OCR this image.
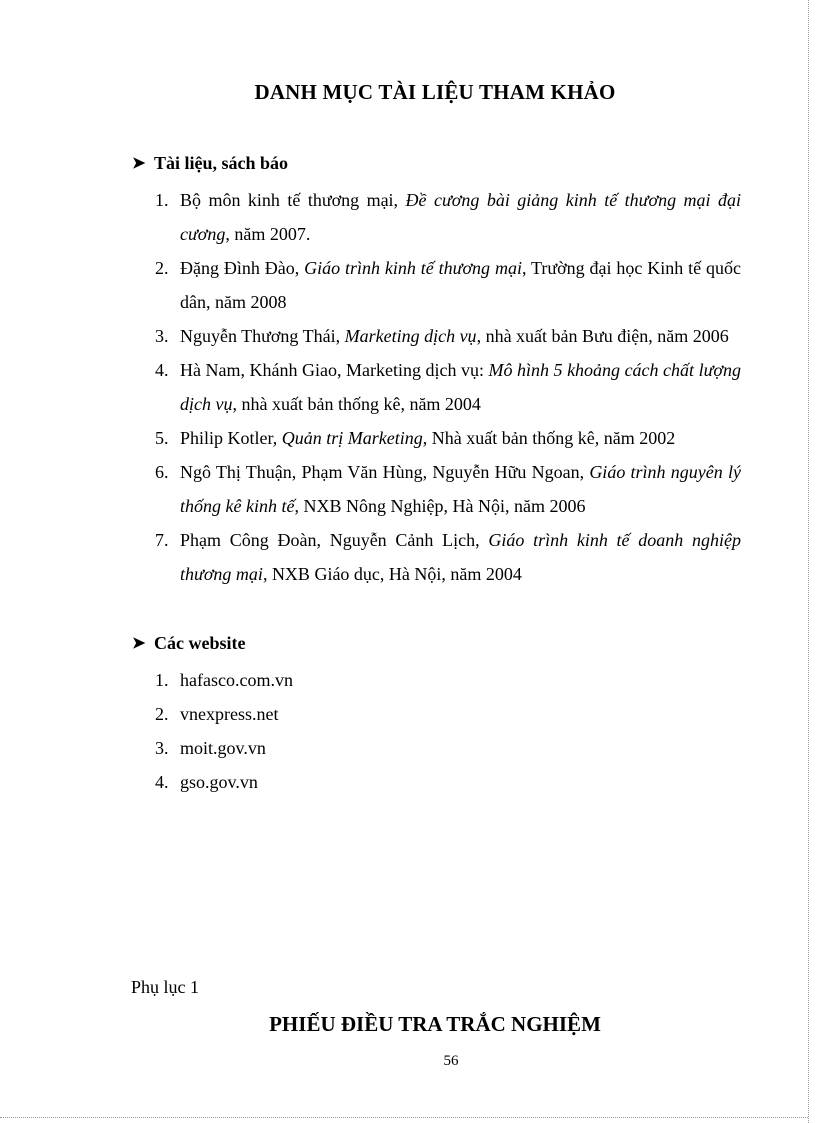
DANH MỤC TÀI LIỆU THAM KHẢO
➤ Tài liệu, sách báo
1. Bộ môn kinh tế thương mại, Đề cương bài giảng kinh tế thương mại đại cương, năm 2007.
2. Đặng Đình Đào, Giáo trình kinh tế thương mại, Trường đại học Kinh tế quốc dân, năm 2008
3. Nguyễn Thương Thái, Marketing dịch vụ, nhà xuất bản Bưu điện, năm 2006
4. Hà Nam, Khánh Giao, Marketing dịch vụ: Mô hình 5 khoảng cách chất lượng dịch vụ, nhà xuất bản thống kê, năm 2004
5. Philip Kotler, Quản trị Marketing, Nhà xuất bản thống kê, năm 2002
6. Ngô Thị Thuận, Phạm Văn Hùng, Nguyễn Hữu Ngoan, Giáo trình nguyên lý thống kê kinh tế, NXB Nông Nghiệp, Hà Nội, năm 2006
7. Phạm Công Đoàn, Nguyễn Cảnh Lịch, Giáo trình kinh tế doanh nghiệp thương mại, NXB Giáo dục, Hà Nội, năm 2004
➤ Các website
1. hafasco.com.vn
2. vnexpress.net
3. moit.gov.vn
4. gso.gov.vn
Phụ lục 1
PHIẾU ĐIỀU TRA TRẮC NGHIỆM
56
